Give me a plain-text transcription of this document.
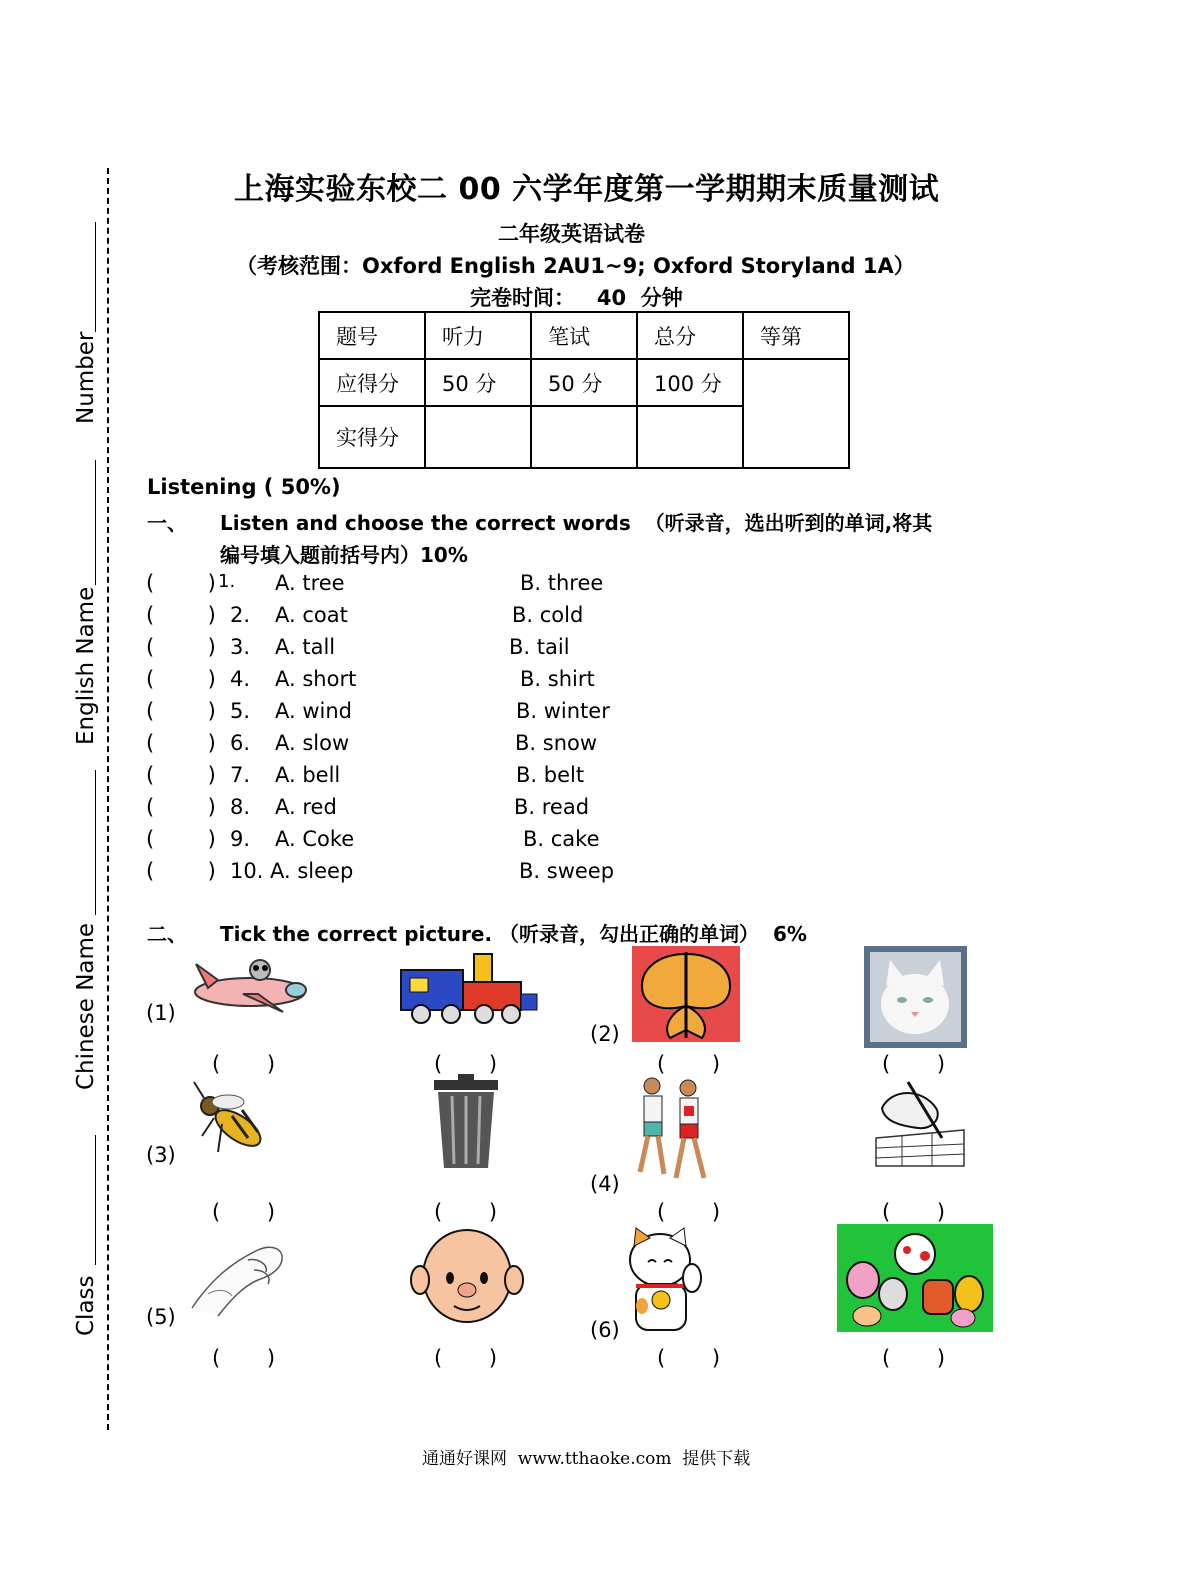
Number
English Name
Chinese Name
Class
上海实验东校二 00 六学年度第一学期期末质量测试
二年级英语试卷
（考核范围：Oxford English 2AU1~9; Oxford Storyland 1A）
完卷时间：   40  分钟
题号	听力	笔试	总分	等第
应得分	50 分	50 分	100 分	
实得分				
Listening ( 50%)
一、 Listen and choose the correct words  （听录音，选出听到的单词,将其
编号填入题前括号内）10%
(        ) 1. A. tree	B. three
(        ) 2. A. coat	B. cold
(        ) 3. A. tall	B. tail
(        ) 4. A. short	B. shirt
(        ) 5. A. wind	B. winter
(        ) 6. A. slow	B. snow
(        ) 7. A. bell	B. belt
(        ) 8. A. red	B. read
(        ) 9. A. Coke	B. cake
(        ) 10. A. sleep	B. sweep
二、 Tick the correct picture. （听录音，勾出正确的单词）  6%
(1)
(2)
(3)
(4)
(5)
(6)
(       )	(       )	(       )	(       )
(       )	(       )	(       )	(       )
(       )	(       )	(       )	(       )
通通好课网  www.tthaoke.com  提供下载
